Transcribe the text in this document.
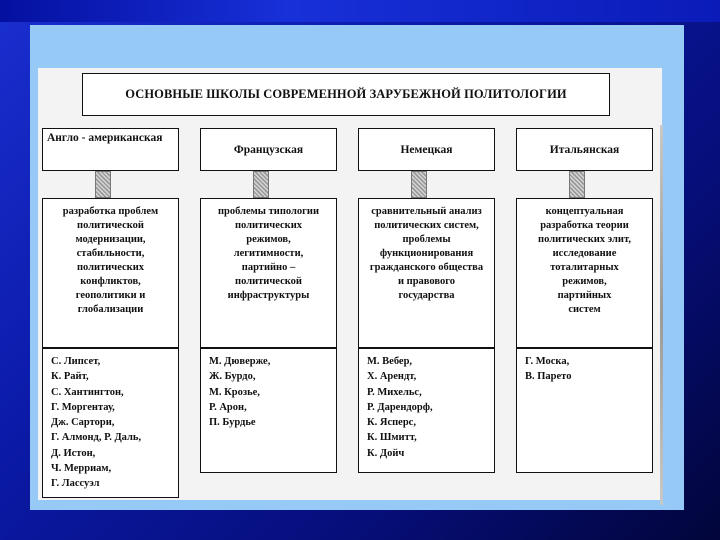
ОСНОВНЫЕ ШКОЛЫ СОВРЕМЕННОЙ ЗАРУБЕЖНОЙ ПОЛИТОЛОГИИ
Англо - американская
Французская	Немецкая	Итальянская
разработка проблем
политической
модернизации,
стабильности,
политических
конфликтов,
геополитики и
глобализации
проблемы типологии
политических
режимов,
легитимности,
партийно –
политической
инфраструктуры
сравнительный анализ
политических систем,
проблемы
функционирования
гражданского общества
и правового
государства
концептуальная
разработка теории
политических элит,
исследование
тоталитарных
режимов,
партийных
систем
С. Липсет,
К. Райт,
С. Хантингтон,
Г. Моргентау,
Дж. Сартори,
Г. Алмонд, Р. Даль,
Д. Истон,
Ч. Мерриам,
Г. Лассуэл
М. Дюверже,
Ж. Бурдо,
М. Крозье,
Р. Арон,
П. Бурдье
М. Вебер,
Х. Арендт,
Р. Михельс,
Р. Дарендорф,
К. Ясперс,
К. Шмитт,
К. Дойч
Г. Моска,
В. Парето
